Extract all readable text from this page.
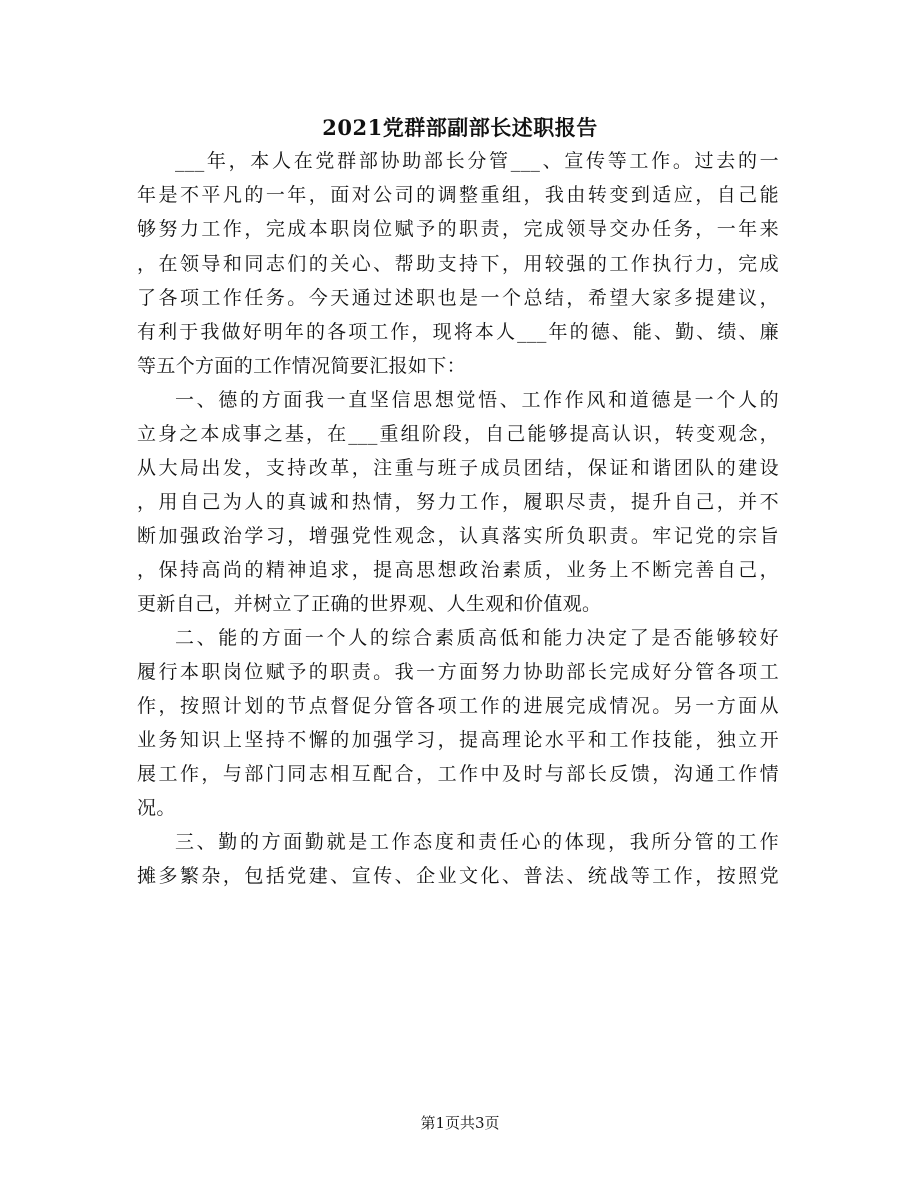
2021党群部副部长述职报告
___年，本人在党群部协助部长分管___、宣传等工作。过去的一
年是不平凡的一年，面对公司的调整重组，我由转变到适应，自己能
够努力工作，完成本职岗位赋予的职责，完成领导交办任务，一年来
，在领导和同志们的关心、帮助支持下，用较强的工作执行力，完成
了各项工作任务。今天通过述职也是一个总结，希望大家多提建议，
有利于我做好明年的各项工作，现将本人___年的德、能、勤、绩、廉
等五个方面的工作情况简要汇报如下：
一、德的方面我一直坚信思想觉悟、工作作风和道德是一个人的
立身之本成事之基，在___重组阶段，自己能够提高认识，转变观念，
从大局出发，支持改革，注重与班子成员团结，保证和谐团队的建设
，用自己为人的真诚和热情，努力工作，履职尽责，提升自己，并不
断加强政治学习，增强党性观念，认真落实所负职责。牢记党的宗旨
，保持高尚的精神追求，提高思想政治素质，业务上不断完善自己，
更新自己，并树立了正确的世界观、人生观和价值观。
二、能的方面一个人的综合素质高低和能力决定了是否能够较好
履行本职岗位赋予的职责。我一方面努力协助部长完成好分管各项工
作，按照计划的节点督促分管各项工作的进展完成情况。另一方面从
业务知识上坚持不懈的加强学习，提高理论水平和工作技能，独立开
展工作，与部门同志相互配合，工作中及时与部长反馈，沟通工作情
况。
三、勤的方面勤就是工作态度和责任心的体现，我所分管的工作
摊多繁杂，包括党建、宣传、企业文化、普法、统战等工作，按照党
第1页共3页
